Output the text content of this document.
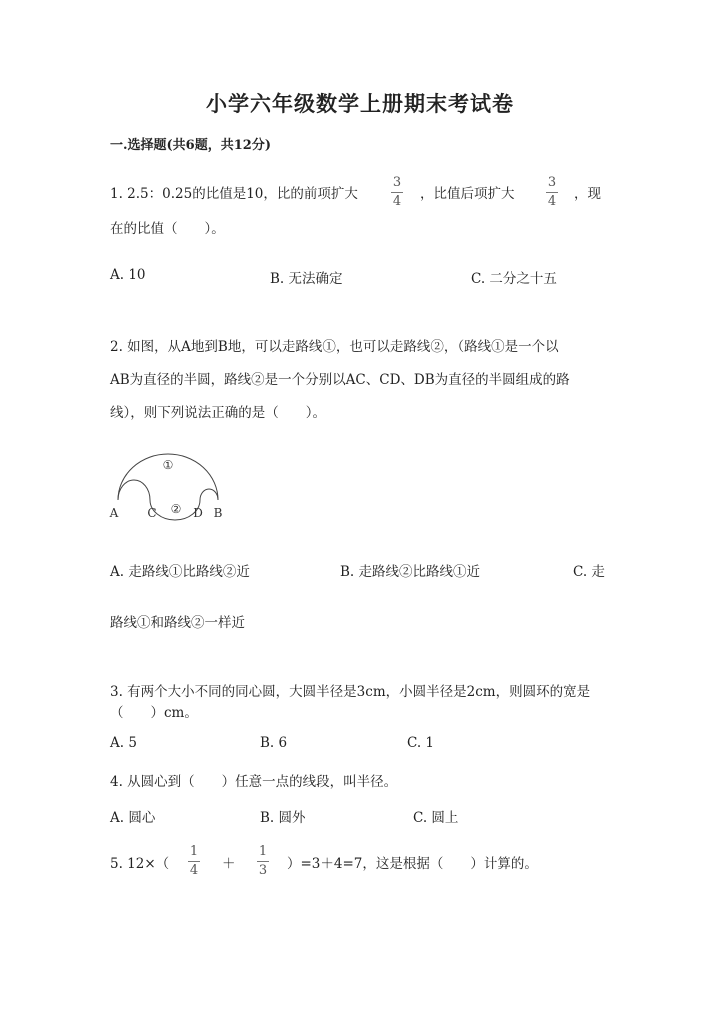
小学六年级数学上册期末考试卷
一.选择题(共6题，共12分)
1. 2.5：0.25的比值是10，比的前项扩大
3
4	，比值后项扩大
3
4	，现
在的比值（　　）。
A. 10	B. 无法确定	C. 二分之十五
2. 如图，从A地到B地，可以走路线①，也可以走路线②，（路线①是一个以
AB为直径的半圆，路线②是一个分别以AC、CD、DB为直径的半圆组成的路
线），则下列说法正确的是（　　）。
①
②
A C	D B
A. 走路线①比路线②近	B. 走路线②比路线①近	C. 走
路线①和路线②一样近
3. 有两个大小不同的同心圆，大圆半径是3cm，小圆半径是2cm，则圆环的宽是
（　　）cm。
A. 5	B. 6	C. 1
4. 从圆心到（　　）任意一点的线段，叫半径。
A. 圆心	B. 圆外	C. 圆上
5. 12×（
1
4	＋
1
3	）=3＋4=7，这是根据（　　）计算的。
